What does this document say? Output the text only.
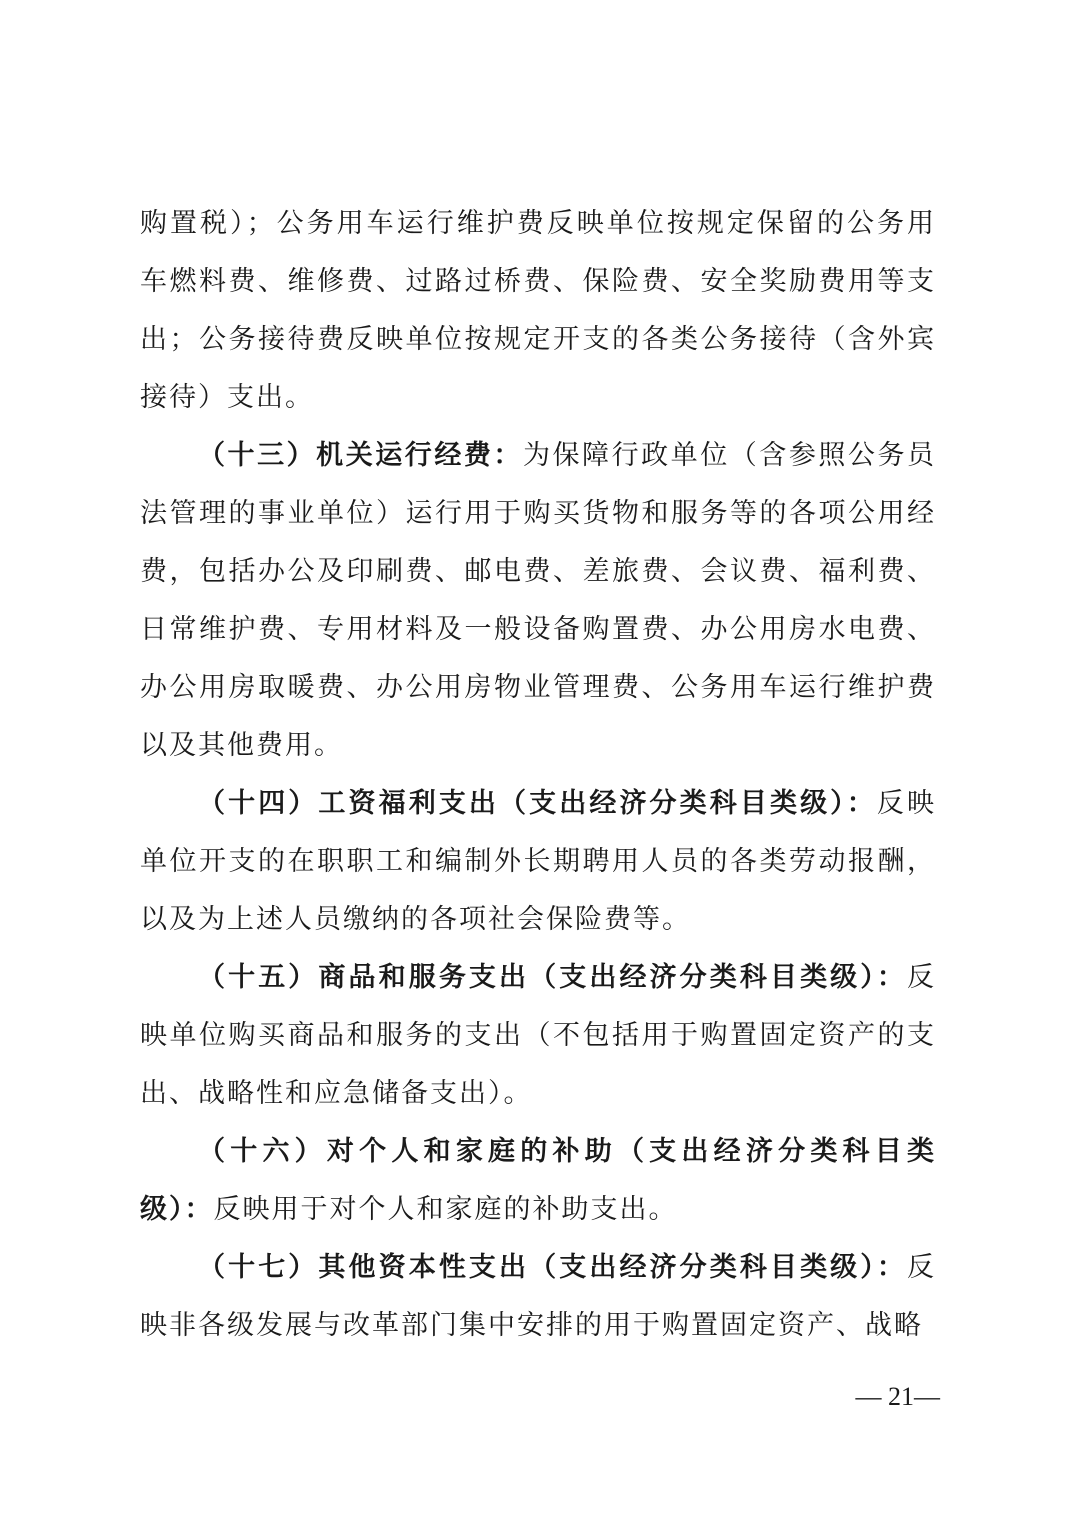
购置税）；公务用车运行维护费反映单位按规定保留的公务用车燃料费、维修费、过路过桥费、保险费、安全奖励费用等支出；公务接待费反映单位按规定开支的各类公务接待（含外宾接待）支出。

（十三）机关运行经费：为保障行政单位（含参照公务员法管理的事业单位）运行用于购买货物和服务等的各项公用经费，包括办公及印刷费、邮电费、差旅费、会议费、福利费、日常维护费、专用材料及一般设备购置费、办公用房水电费、办公用房取暖费、办公用房物业管理费、公务用车运行维护费以及其他费用。

（十四）工资福利支出（支出经济分类科目类级）：反映单位开支的在职职工和编制外长期聘用人员的各类劳动报酬，以及为上述人员缴纳的各项社会保险费等。

（十五）商品和服务支出（支出经济分类科目类级）：反映单位购买商品和服务的支出（不包括用于购置固定资产的支出、战略性和应急储备支出）。

（十六）对个人和家庭的补助（支出经济分类科目类级）：反映用于对个人和家庭的补助支出。

（十七）其他资本性支出（支出经济分类科目类级）：反映非各级发展与改革部门集中安排的用于购置固定资产、战略

— 21—
